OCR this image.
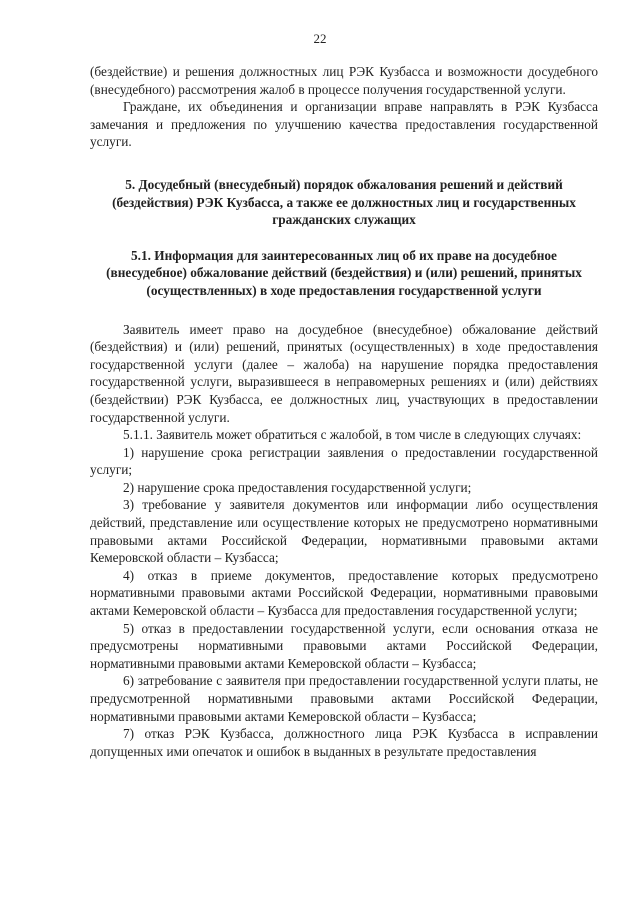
22

(бездействие) и решения должностных лиц РЭК Кузбасса и возможности досудебного (внесудебного) рассмотрения жалоб в процессе получения государственной услуги.

Граждане, их объединения и организации вправе направлять в РЭК Кузбасса замечания и предложения по улучшению качества предоставления государственной услуги.

5. Досудебный (внесудебный) порядок обжалования решений и действий (бездействия) РЭК Кузбасса, а также ее должностных лиц и государственных гражданских служащих

5.1. Информация для заинтересованных лиц об их праве на досудебное (внесудебное) обжалование действий (бездействия) и (или) решений, принятых (осуществленных) в ходе предоставления государственной услуги

Заявитель имеет право на досудебное (внесудебное) обжалование действий (бездействия) и (или) решений, принятых (осуществленных) в ходе предоставления государственной услуги (далее – жалоба) на нарушение порядка предоставления государственной услуги, выразившееся в неправомерных решениях и (или) действиях (бездействии) РЭК Кузбасса, ее должностных лиц, участвующих в предоставлении государственной услуги.

5.1.1. Заявитель может обратиться с жалобой, в том числе в следующих случаях:

1) нарушение срока регистрации заявления о предоставлении государственной услуги;

2) нарушение срока предоставления государственной услуги;

3) требование у заявителя документов или информации либо осуществления действий, представление или осуществление которых не предусмотрено нормативными правовыми актами Российской Федерации, нормативными правовыми актами Кемеровской области – Кузбасса;

4) отказ в приеме документов, предоставление которых предусмотрено нормативными правовыми актами Российской Федерации, нормативными правовыми актами Кемеровской области – Кузбасса для предоставления государственной услуги;

5) отказ в предоставлении государственной услуги, если основания отказа не предусмотрены нормативными правовыми актами Российской Федерации, нормативными правовыми актами Кемеровской области – Кузбасса;

6) затребование с заявителя при предоставлении государственной услуги платы, не предусмотренной нормативными правовыми актами Российской Федерации, нормативными правовыми актами Кемеровской области – Кузбасса;

7) отказ РЭК Кузбасса, должностного лица РЭК Кузбасса в исправлении допущенных ими опечаток и ошибок в выданных в результате предоставления
